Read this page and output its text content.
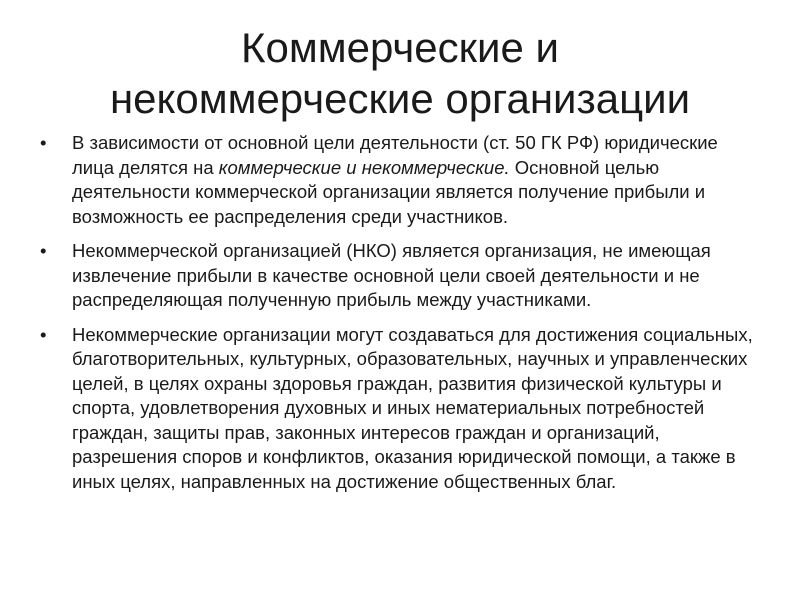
Коммерческие и
некоммерческие организации
•	В зависимости от основной цели деятельности (ст. 50 ГК РФ) юридические лица делятся на коммерческие и некоммерческие. Основной целью деятельности коммерческой организации является получение прибыли и возможность ее распределения среди участников.
•	Некоммерческой организацией (НКО) является организация, не имеющая извлечение прибыли в качестве основной цели своей деятельности и не распределяющая полученную прибыль между участниками.
•	Некоммерческие организации могут создаваться для достижения социальных, благотворительных, культурных, образовательных, научных и управленческих целей, в целях охраны здоровья граждан, развития физической культуры и спорта, удовлетворения духовных и иных нематериальных потребностей граждан, защиты прав, законных интересов граждан и организаций, разрешения споров и конфликтов, оказания юридической помощи, а также в иных целях, направленных на достижение общественных благ.
